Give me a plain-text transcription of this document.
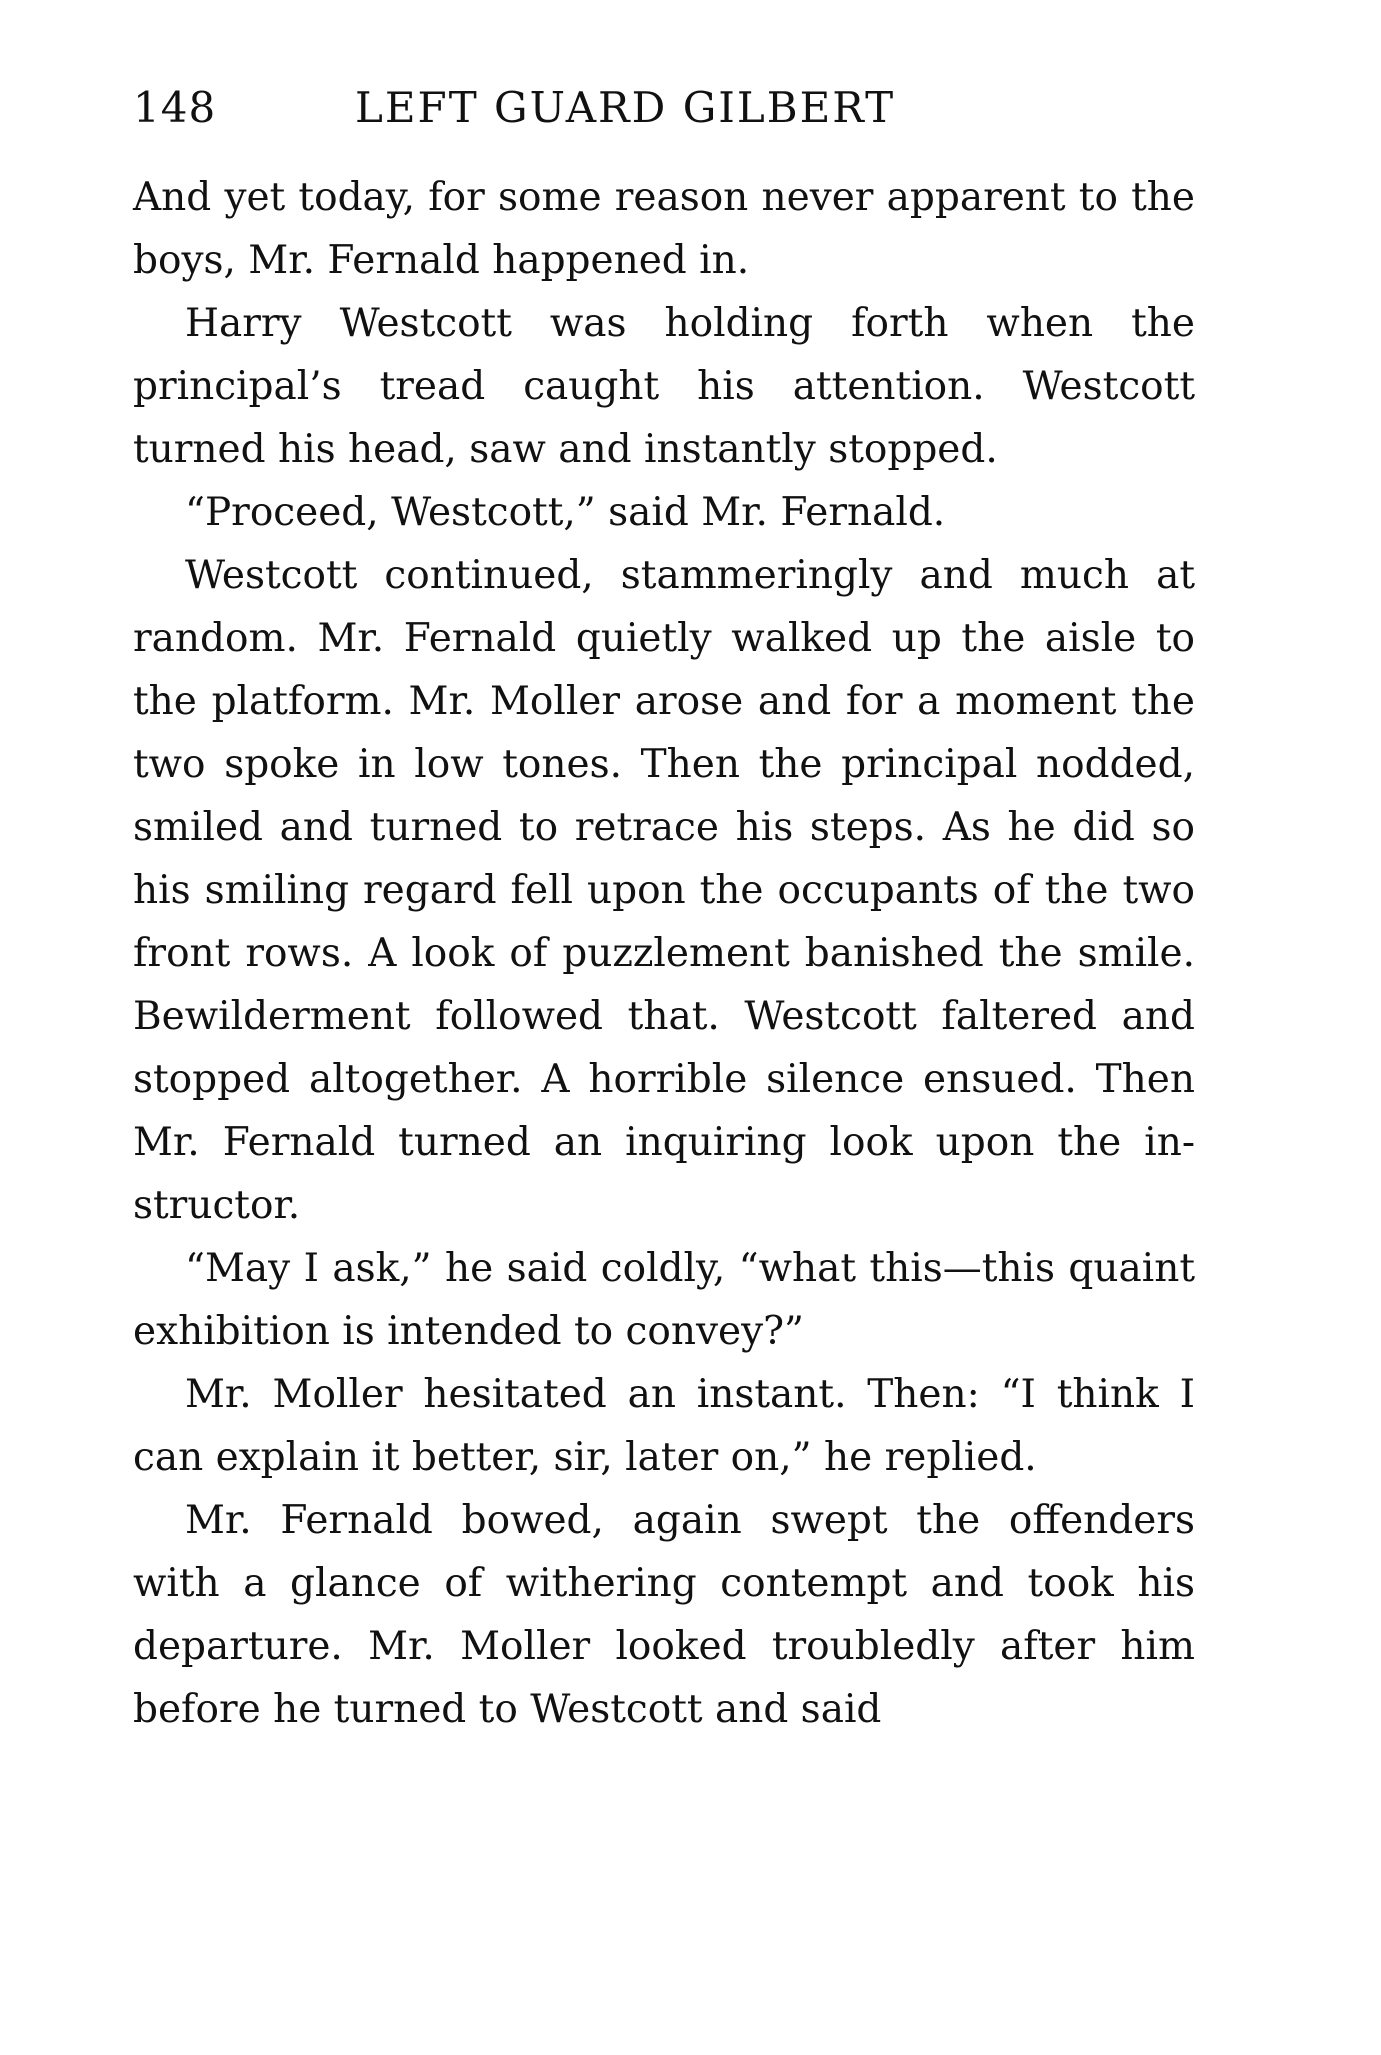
148	LEFT GUARD GILBERT

And yet today, for some reason never apparent to the boys, Mr. Fernald happened in.

Harry Westcott was holding forth when the principal’s tread caught his attention. Westcott turned his head, saw and instantly stopped.

“Proceed, Westcott,” said Mr. Fernald.

Westcott continued, stammeringly and much at random. Mr. Fernald quietly walked up the aisle to the platform. Mr. Moller arose and for a moment the two spoke in low tones. Then the principal nodded, smiled and turned to retrace his steps. As he did so his smiling regard fell upon the occupants of the two front rows. A look of puzzlement banished the smile. Bewilderment followed that. Westcott faltered and stopped altogether. A horrible silence ensued. Then Mr. Fernald turned an inquiring look upon the instructor.

“May I ask,” he said coldly, “what this—this quaint exhibition is intended to convey?”

Mr. Moller hesitated an instant. Then: “I think I can explain it better, sir, later on,” he replied.

Mr. Fernald bowed, again swept the offenders with a glance of withering contempt and took his departure. Mr. Moller looked troubledly after him before he turned to Westcott and said
